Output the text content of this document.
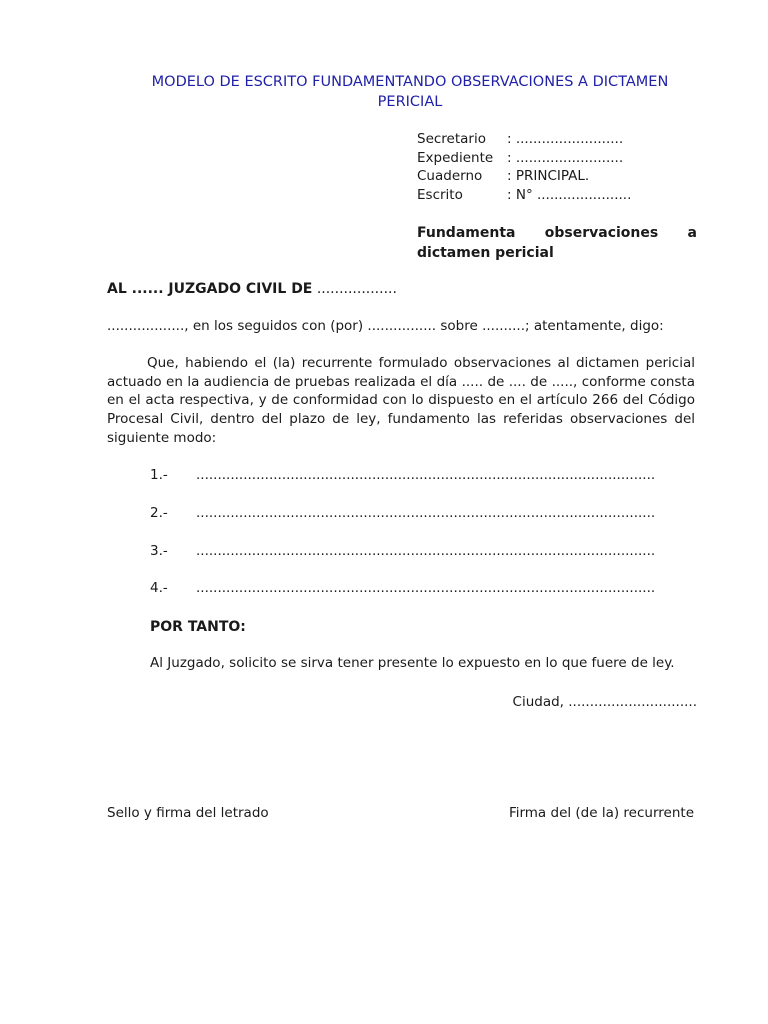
MODELO DE ESCRITO FUNDAMENTANDO OBSERVACIONES A DICTAMEN
PERICIAL
Secretario	: .........................
Expediente	: .........................
Cuaderno	: PRINCIPAL.
Escrito	: N° ......................
Fundamenta observaciones a
dictamen pericial
AL ...... JUZGADO CIVIL DE ..................
.................., en los seguidos con (por) ................ sobre ..........; atentamente, digo:
Que, habiendo el (la) recurrente formulado observaciones al dictamen pericial
actuado en la audiencia de pruebas realizada el día ..... de .... de ....., conforme consta
en el acta respectiva, y de conformidad con lo dispuesto en el artículo 266 del Código
Procesal Civil, dentro del plazo de ley, fundamento las referidas observaciones del
siguiente modo:
1.- ...........................................................................................................
2.- ...........................................................................................................
3.- ...........................................................................................................
4.- ...........................................................................................................
POR TANTO:
Al Juzgado, solicito se sirva tener presente lo expuesto en lo que fuere de ley.
Ciudad, ..............................
Sello y firma del letrado	Firma del (de la) recurrente
